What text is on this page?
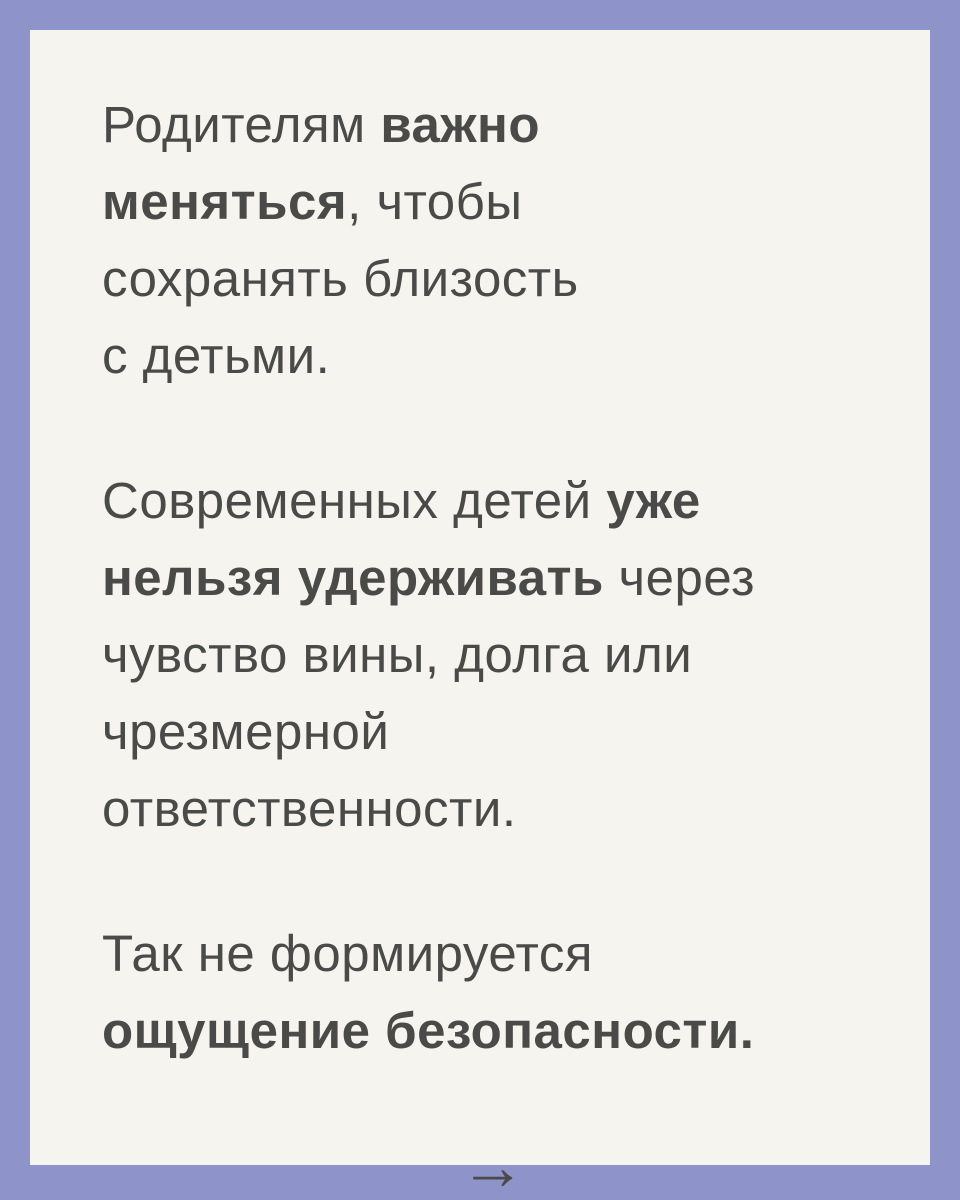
Родителям важно
меняться, чтобы
сохранять близость
с детьми.

Современных детей уже
нельзя удерживать через
чувство вины, долга или
чрезмерной
ответственности.

Так не формируется
ощущение безопасности.

→
